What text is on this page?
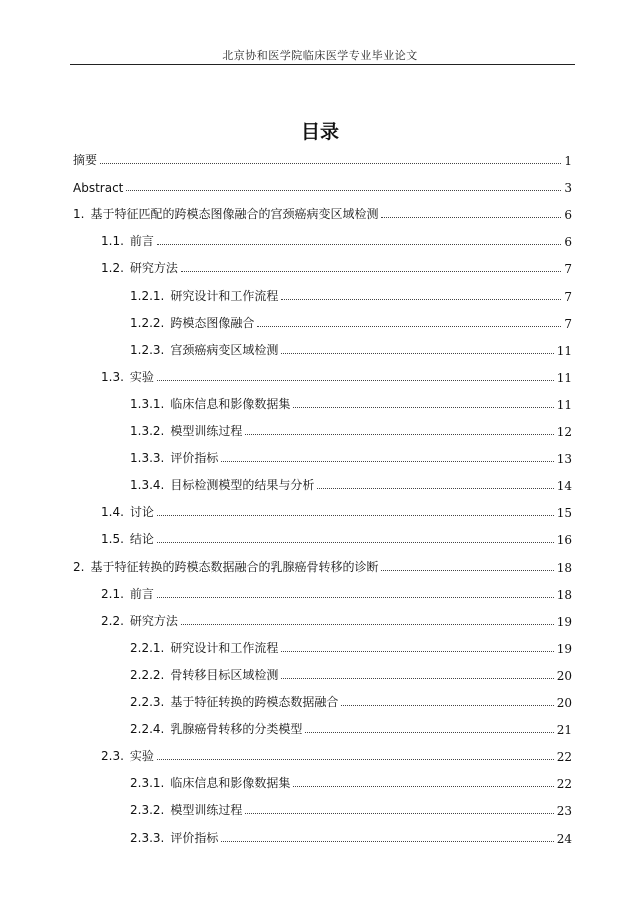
北京协和医学院临床医学专业毕业论文
目录
摘要	1
Abstract	3
1. 基于特征匹配的跨模态图像融合的宫颈癌病变区域检测	6
1.1. 前言	6
1.2. 研究方法	7
1.2.1. 研究设计和工作流程	7
1.2.2. 跨模态图像融合	7
1.2.3. 宫颈癌病变区域检测	11
1.3. 实验	11
1.3.1. 临床信息和影像数据集	11
1.3.2. 模型训练过程	12
1.3.3. 评价指标	13
1.3.4. 目标检测模型的结果与分析	14
1.4. 讨论	15
1.5. 结论	16
2. 基于特征转换的跨模态数据融合的乳腺癌骨转移的诊断	18
2.1. 前言	18
2.2. 研究方法	19
2.2.1. 研究设计和工作流程	19
2.2.2. 骨转移目标区域检测	20
2.2.3. 基于特征转换的跨模态数据融合	20
2.2.4. 乳腺癌骨转移的分类模型	21
2.3. 实验	22
2.3.1. 临床信息和影像数据集	22
2.3.2. 模型训练过程	23
2.3.3. 评价指标	24
